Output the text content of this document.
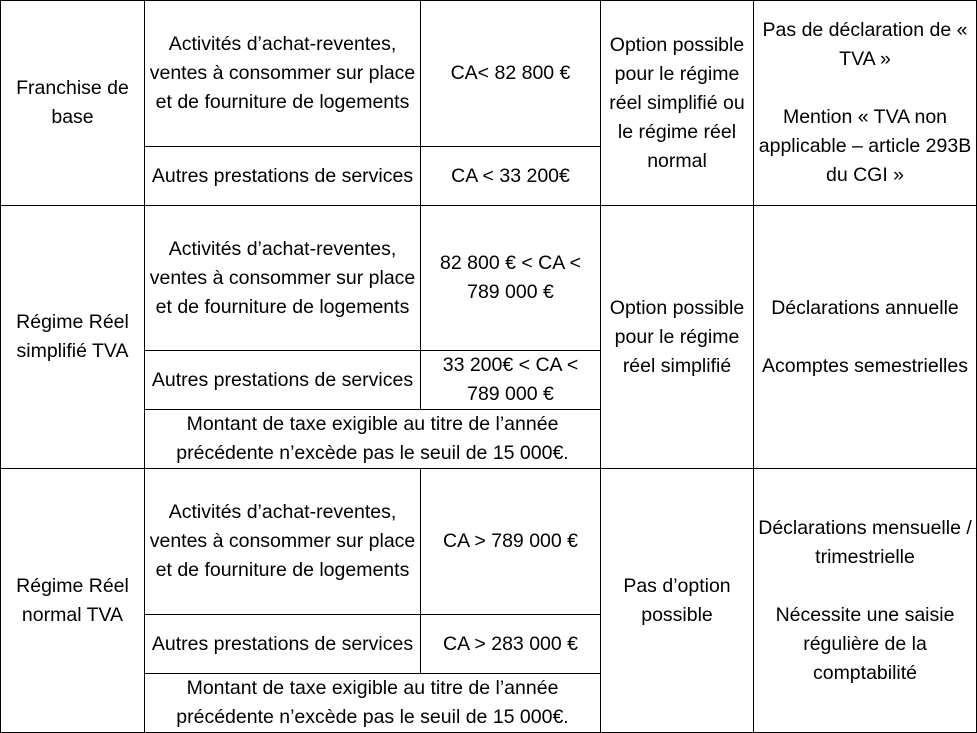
Franchise de base	Activités d’achat-reventes, ventes à consommer sur place et de fourniture de logements	CA< 82 800 €	Option possible pour le régime réel simplifié ou le régime réel normal	Pas de déclaration de « TVA »
Mention « TVA non applicable – article 293B du CGI »

	Autres prestations de services	CA < 33 200€		
Régime Réel simplifié TVA	Activités d’achat-reventes, ventes à consommer sur place et de fourniture de logements	82 800 € < CA < 789 000 €	Option possible pour le régime réel simplifié	Déclarations annuelle
Acomptes semestrielles

	Autres prestations de services	33 200€ < CA < 789 000 €		
	Montant de taxe exigible au titre de l’année précédente n’excède pas le seuil de 15 000€.			
Régime Réel normal TVA	Activités d’achat-reventes, ventes à consommer sur place et de fourniture de logements	CA > 789 000 €	Pas d’option possible	Déclarations mensuelle / trimestrielle
Nécessite une saisie régulière de la comptabilité

	Autres prestations de services	CA > 283 000 €		
	Montant de taxe exigible au titre de l’année précédente n’excède pas le seuil de 15 000€.			
